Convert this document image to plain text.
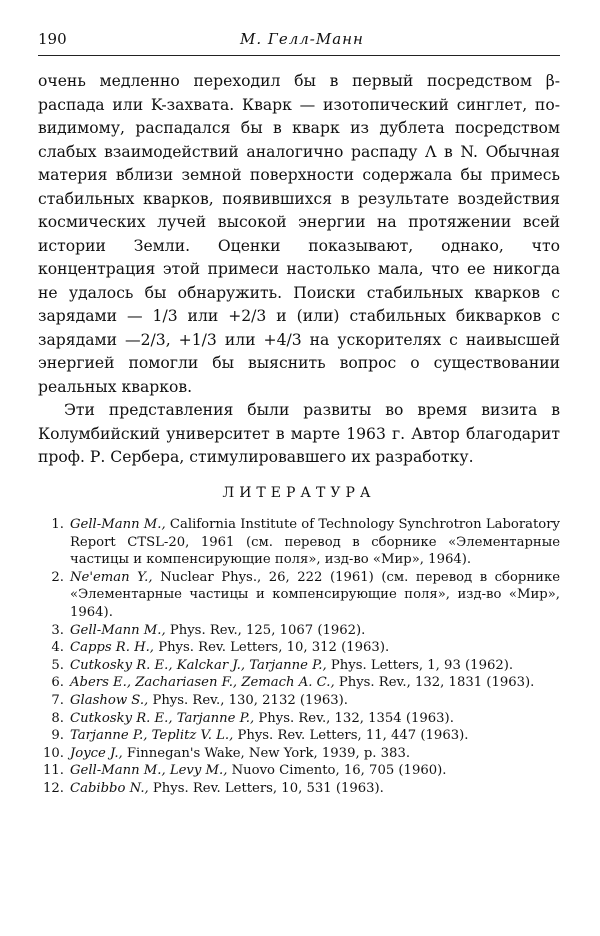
190	М. Гелл-Манн

очень медленно переходил бы в первый посредством β-распада или K-захвата. Кварк — изотопический синглет, по-видимому, распадался бы в кварк из дублета посредством слабых взаимодействий аналогично распаду Λ в N. Обычная материя вблизи земной поверхности содержала бы примесь стабильных кварков, появившихся в результате воздействия космических лучей высокой энергии на протяжении всей истории Земли. Оценки показывают, однако, что концентрация этой примеси настолько мала, что ее никогда не удалось бы обнаружить. Поиски стабильных кварков с зарядами — 1/3 или +2/3 и (или) стабильных бикварков с зарядами —2/3, +1/3 или +4/3 на ускорителях с наивысшей энергией помогли бы выяснить вопрос о существовании реальных кварков.

Эти представления были развиты во время визита в Колумбийский университет в марте 1963 г. Автор благодарит проф. Р. Сербера, стимулировавшего их разработку.

ЛИТЕРАТУРА
1. Gell-Mann M., California Institute of Technology Synchrotron Laboratory Report CTSL-20, 1961 (см. перевод в сборнике «Элементарные частицы и компенсирующие поля», изд-во «Мир», 1964).
2. Ne'eman Y., Nuclear Phys., 26, 222 (1961) (см. перевод в сборнике «Элементарные частицы и компенсирующие поля», изд-во «Мир», 1964).
3. Gell-Mann M., Phys. Rev., 125, 1067 (1962).
4. Capps R. H., Phys. Rev. Letters, 10, 312 (1963).
5. Cutkosky R. E., Kalckar J., Tarjanne P., Phys. Letters, 1, 93 (1962).
6. Abers E., Zachariasen F., Zemach A. C., Phys. Rev., 132, 1831 (1963).
7. Glashow S., Phys. Rev., 130, 2132 (1963).
8. Cutkosky R. E., Tarjanne P., Phys. Rev., 132, 1354 (1963).
9. Tarjanne P., Teplitz V. L., Phys. Rev. Letters, 11, 447 (1963).
10. Joyce J., Finnegan's Wake, New York, 1939, p. 383.
11. Gell-Mann M., Levy M., Nuovo Cimento, 16, 705 (1960).
12. Cabibbo N., Phys. Rev. Letters, 10, 531 (1963).
